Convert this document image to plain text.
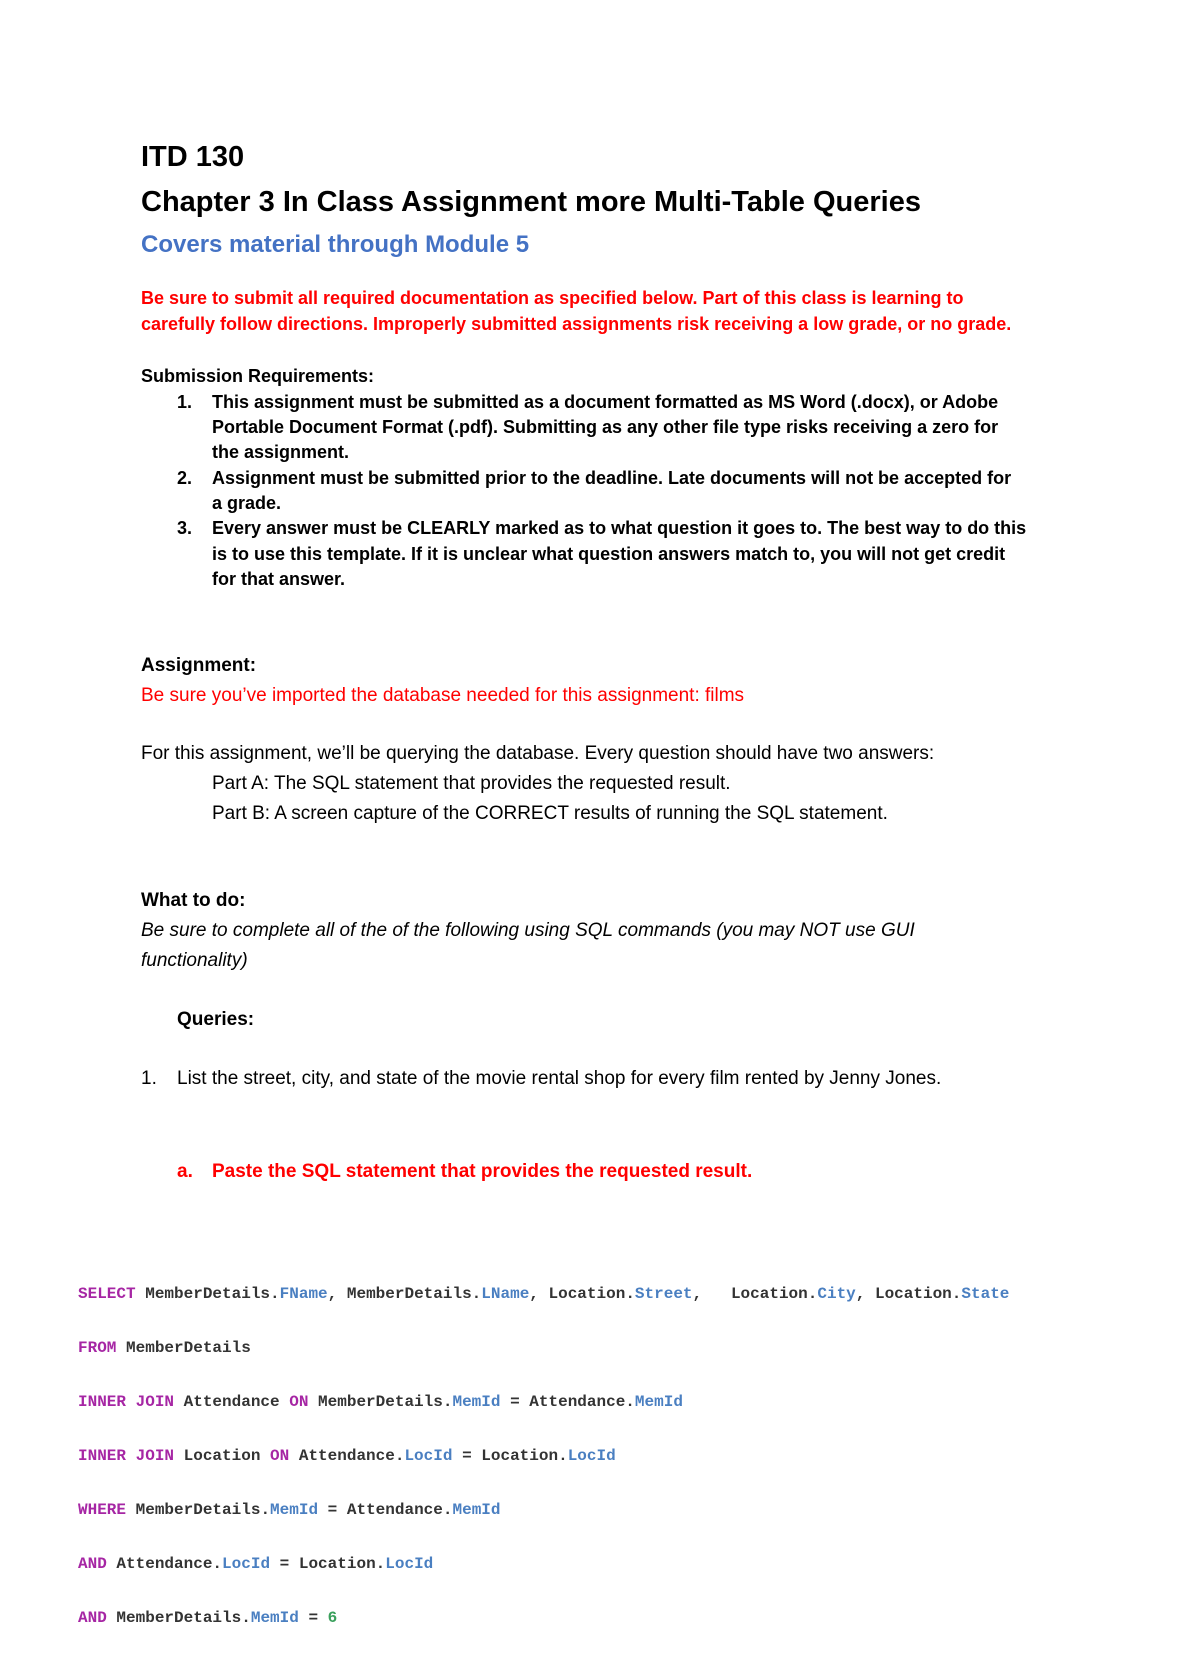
ITD 130
Chapter 3 In Class Assignment more Multi-Table Queries
Covers material through Module 5
Be sure to submit all required documentation as specified below. Part of this class is learning to
carefully follow directions. Improperly submitted assignments risk receiving a low grade, or no grade.
Submission Requirements:
1. This assignment must be submitted as a document formatted as MS Word (.docx), or Adobe
Portable Document Format (.pdf). Submitting as any other file type risks receiving a zero for
the assignment.
2. Assignment must be submitted prior to the deadline. Late documents will not be accepted for
a grade.
3. Every answer must be CLEARLY marked as to what question it goes to. The best way to do this
is to use this template. If it is unclear what question answers match to, you will not get credit
for that answer.
Assignment:
Be sure you’ve imported the database needed for this assignment: films
For this assignment, we’ll be querying the database. Every question should have two answers:
Part A: The SQL statement that provides the requested result.
Part B: A screen capture of the CORRECT results of running the SQL statement.
What to do:
Be sure to complete all of the of the following using SQL commands (you may NOT use GUI
functionality)
Queries:
1. List the street, city, and state of the movie rental shop for every film rented by Jenny Jones.
a. Paste the SQL statement that provides the requested result.

SELECT MemberDetails.FName, MemberDetails.LName, Location.Street,   Location.City, Location.State

FROM MemberDetails

INNER JOIN Attendance ON MemberDetails.MemId = Attendance.MemId

INNER JOIN Location ON Attendance.LocId = Location.LocId

WHERE MemberDetails.MemId = Attendance.MemId

AND Attendance.LocId = Location.LocId

AND MemberDetails.MemId = 6
